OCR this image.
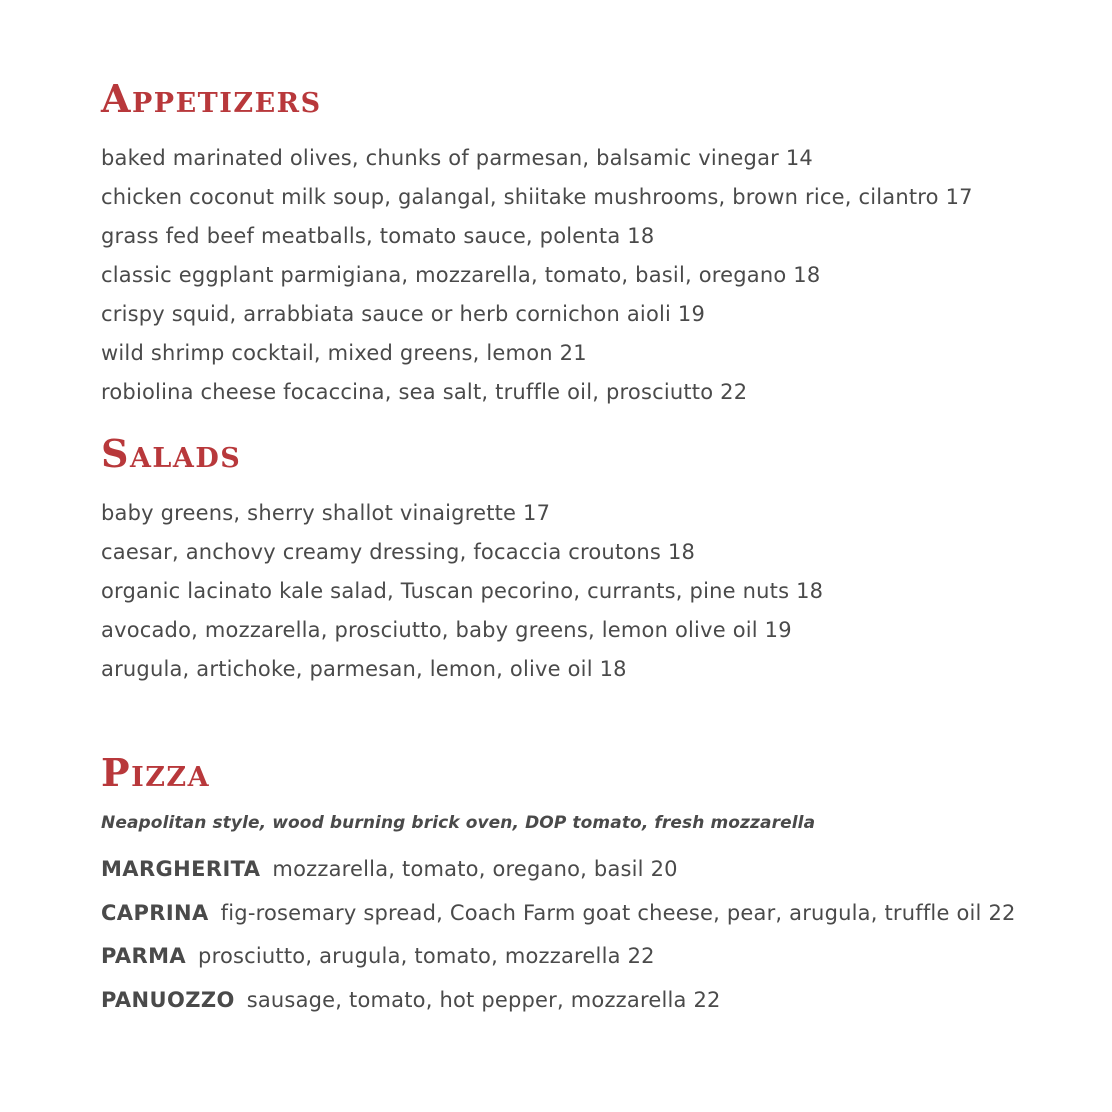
Appetizers
baked marinated olives, chunks of parmesan, balsamic vinegar 14
chicken coconut milk soup, galangal, shiitake mushrooms, brown rice, cilantro 17
grass fed beef meatballs, tomato sauce, polenta 18
classic eggplant parmigiana, mozzarella, tomato, basil, oregano 18
crispy squid, arrabbiata sauce or herb cornichon aioli 19
wild shrimp cocktail, mixed greens, lemon 21
robiolina cheese focaccina, sea salt, truffle oil, prosciutto 22
Salads
baby greens, sherry shallot vinaigrette 17
caesar, anchovy creamy dressing, focaccia croutons 18
organic lacinato kale salad, Tuscan pecorino, currants, pine nuts 18
avocado, mozzarella, prosciutto, baby greens, lemon olive oil 19
arugula, artichoke, parmesan, lemon, olive oil 18
Pizza

Neapolitan style, wood burning brick oven, DOP tomato, fresh mozzarella

MARGHERITA mozzarella, tomato, oregano, basil 20
CAPRINA fig-rosemary spread, Coach Farm goat cheese, pear, arugula, truffle oil 22
PARMA prosciutto, arugula, tomato, mozzarella 22
PANUOZZO sausage, tomato, hot pepper, mozzarella 22
